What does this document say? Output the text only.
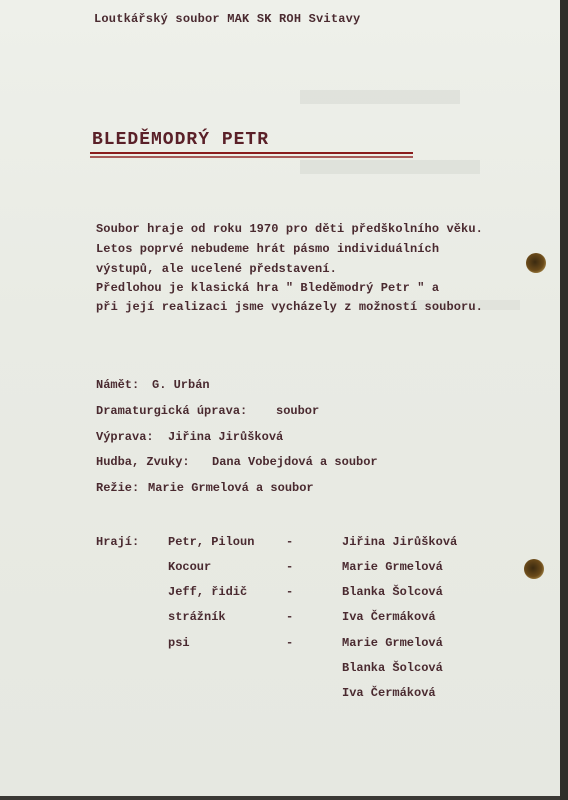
Loutkářský soubor MAK SK ROH Svitavy
BLEDĚMODRÝ PETR
Soubor hraje od roku 1970 pro děti předškolního věku.
Letos poprvé nebudeme hrát pásmo individuálních
výstupů, ale ucelené představení.
Předlohou je klasická hra " Bleděmodrý Petr " a
při její realizaci jsme vycházely z možností souboru.
Námět: G. Urbán
Dramaturgická úprava: soubor
Výprava: Jiřina Jirůšková
Hudba, Zvuky: Dana Vobejdová a soubor
Režie: Marie Grmelová a soubor
Hrají: Petr, Piloun	-	Jiřina Jirůšková
Kocour	-	Marie Grmelová
Jeff, řidič	-	Blanka Šolcová
strážník	-	Iva Čermáková
psi	-	Marie Grmelová
Blanka Šolcová
Iva Čermáková
